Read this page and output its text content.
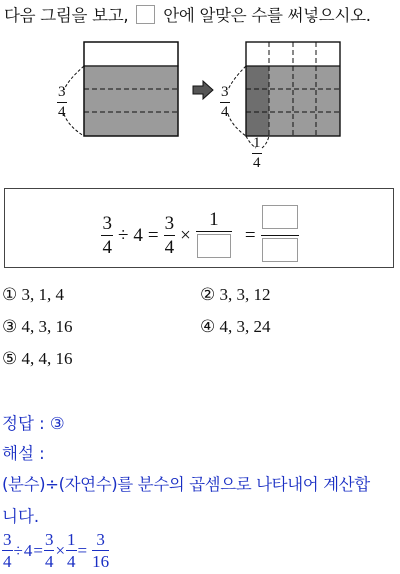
다음 그림을 보고, 안에 알맞은 수를 써넣으시오.
$\frac{3}{4}$	$\frac{3}{4}$
$\frac{1}{4}$
$\frac{3}{4} \div 4 = \frac{3}{4}$ ×
1
=
① 3, 1, 4	② 3, 3, 12
③ 4, 3, 16	④ 4, 3, 24
⑤ 4, 4, 16
정답 : ③
해설 :
(분수)÷(자연수)를 분수의 곱셈으로 나타내어 계산합
니다.
$\frac{3}{4} \div 4 = \frac{3}{4} \times \frac{1}{4} = \frac{3}{16}$
